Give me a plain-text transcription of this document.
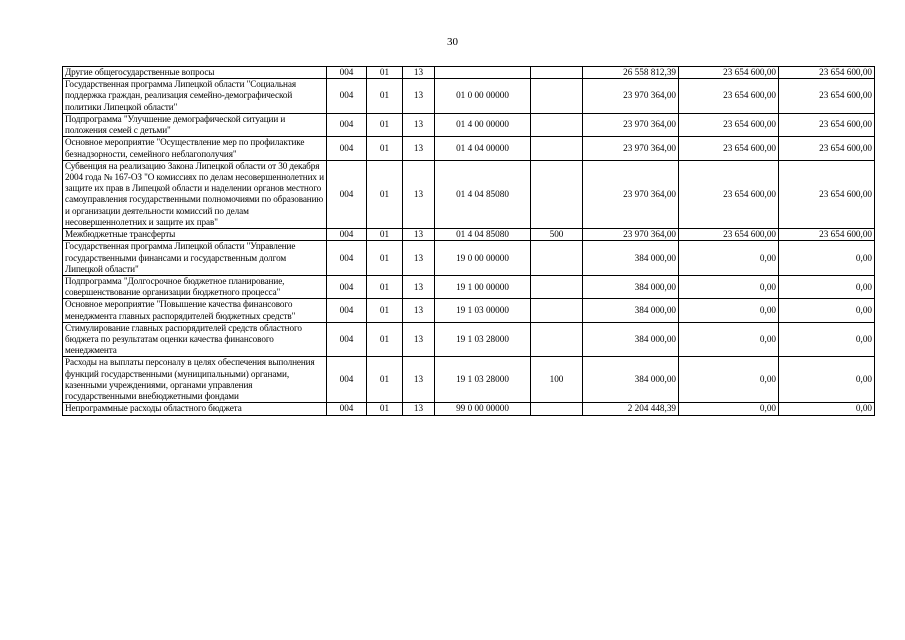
30
Другие общегосударственные вопросы	004	01	13			26 558 812,39	23 654 600,00	23 654 600,00
Государственная программа Липецкой области "Социальная поддержка граждан, реализация семейно-демографической политики Липецкой области"	004	01	13	01 0 00 00000		23 970 364,00	23 654 600,00	23 654 600,00
Подпрограмма "Улучшение демографической ситуации и положения семей с детьми"	004	01	13	01 4 00 00000		23 970 364,00	23 654 600,00	23 654 600,00
Основное мероприятие "Осуществление мер по профилактике безнадзорности, семейного неблагополучия"	004	01	13	01 4 04 00000		23 970 364,00	23 654 600,00	23 654 600,00
Субвенция на реализацию Закона Липецкой области от 30 декабря 2004 года № 167-ОЗ "О комиссиях по делам несовершеннолетних и защите их прав в Липецкой области и наделении органов местного самоуправления государственными полномочиями по образованию и организации деятельности комиссий по делам несовершеннолетних и защите их прав"	004	01	13	01 4 04 85080		23 970 364,00	23 654 600,00	23 654 600,00
Межбюджетные трансферты	004	01	13	01 4 04 85080	500	23 970 364,00	23 654 600,00	23 654 600,00
Государственная программа Липецкой области "Управление государственными финансами и государственным долгом Липецкой области"	004	01	13	19 0 00 00000		384 000,00	0,00	0,00
Подпрограмма "Долгосрочное бюджетное планирование, совершенствование организации бюджетного процесса"	004	01	13	19 1 00 00000		384 000,00	0,00	0,00
Основное мероприятие "Повышение качества финансового менеджмента главных распорядителей бюджетных средств"	004	01	13	19 1 03 00000		384 000,00	0,00	0,00
Стимулирование главных распорядителей средств областного бюджета по результатам оценки качества финансового менеджмента	004	01	13	19 1 03 28000		384 000,00	0,00	0,00
Расходы на выплаты персоналу в целях обеспечения выполнения функций государственными (муниципальными) органами, казенными учреждениями, органами управления государственными внебюджетными фондами	004	01	13	19 1 03 28000	100	384 000,00	0,00	0,00
Непрограммные расходы областного бюджета	004	01	13	99 0 00 00000		2 204 448,39	0,00	0,00
